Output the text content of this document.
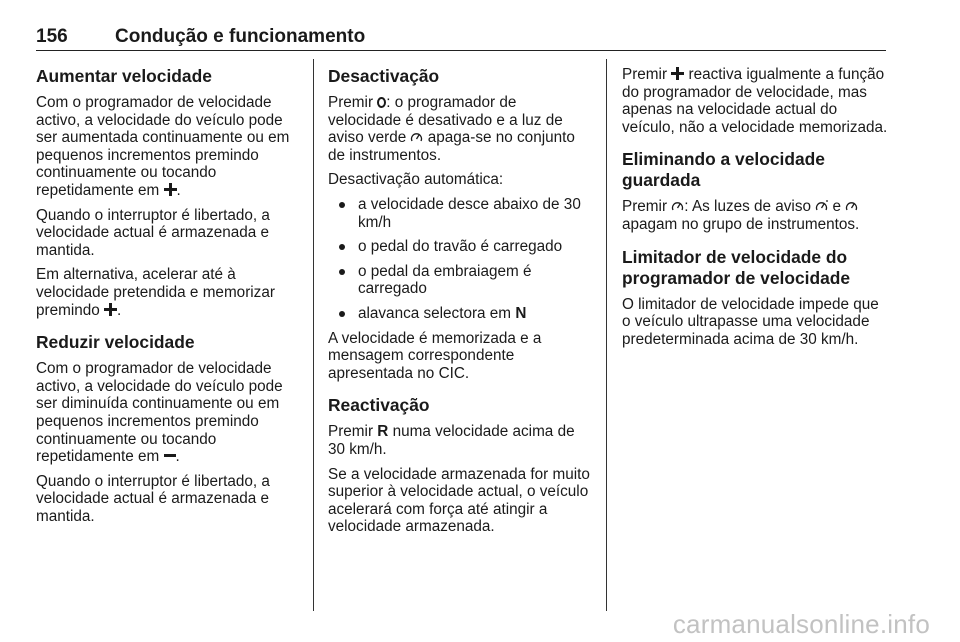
156 Condução e funcionamento
Aumentar velocidade

Com o programador de velocidade activo, a velocidade do veículo pode ser aumentada continuamente ou em pequenos incrementos premindo continuamente ou tocando repetidamente em .

Quando o interruptor é libertado, a velocidade actual é armazenada e mantida.

Em alternativa, acelerar até à velocidade pretendida e memorizar premindo .

Reduzir velocidade

Com o programador de velocidade activo, a velocidade do veículo pode ser diminuída continuamente ou em pequenos incrementos premindo continuamente ou tocando repetidamente em .

Quando o interruptor é libertado, a velocidade actual é armazenada e mantida.

Desactivação

Premir : o programador de velocidade é desativado e a luz de aviso verde apaga-se no conjunto de instrumentos.

Desactivação automática:

a velocidade desce abaixo de 30 km/h
o pedal do travão é carregado
o pedal da embraiagem é carregado
alavanca selectora em N

A velocidade é memorizada e a mensagem correspondente apresentada no CIC.

Reactivação

Premir R numa velocidade acima de 30 km/h.

Se a velocidade armazenada for muito superior à velocidade actual, o veículo acelerará com força até atingir a velocidade armazenada.

Premir reactiva igualmente a função do programador de velocidade, mas apenas na velocidade actual do veículo, não a velocidade memorizada.

Eliminando a velocidade guardada

Premir : As luzes de aviso e  apagam no grupo de instrumentos.

Limitador de velocidade do programador de velocidade

O limitador de velocidade impede que o veículo ultrapasse uma velocidade predeterminada acima de 30 km/h.

carmanualsonline.info
